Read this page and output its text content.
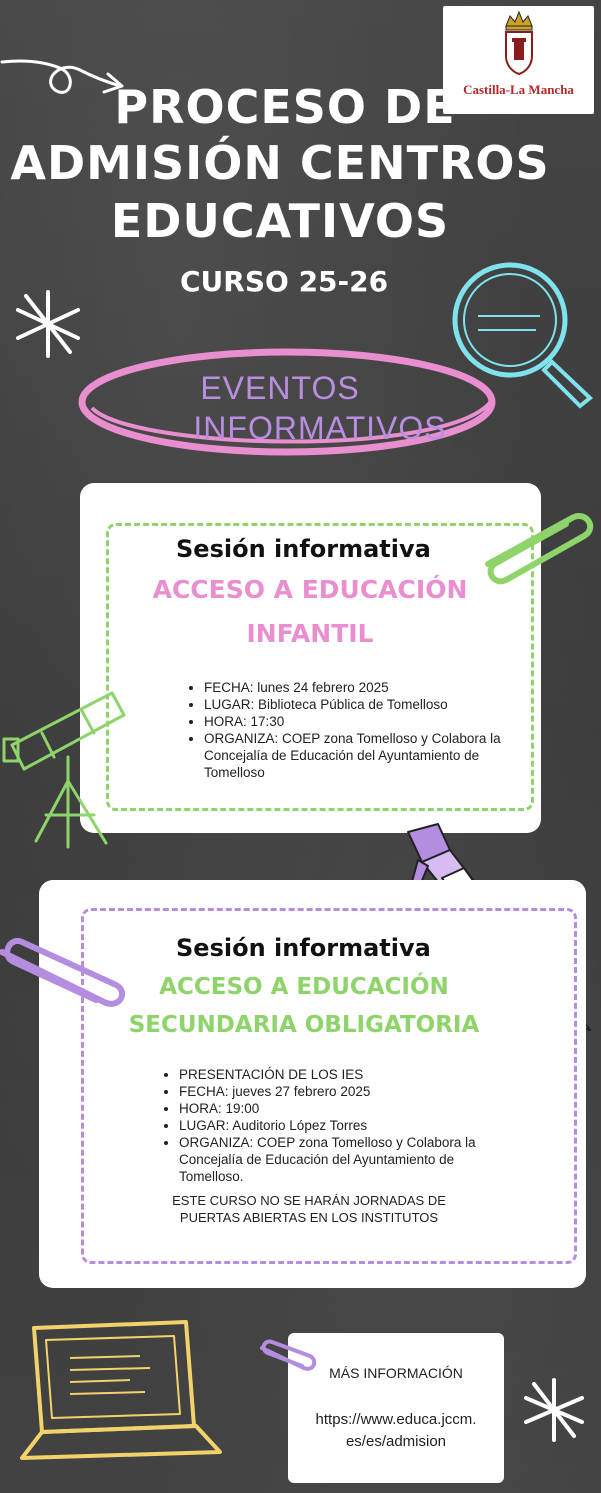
Castilla-La Mancha
PROCESO DE
ADMISIÓN CENTROS
EDUCATIVOS
CURSO 25-26
EVENTOS
INFORMATIVOS
Sesión informativa
ACCESO A EDUCACIÓN
INFANTIL
• FECHA: lunes 24 febrero 2025
• LUGAR: Biblioteca Pública de Tomelloso
• HORA: 17:30
• ORGANIZA: COEP zona Tomelloso y Colabora la Concejalía de Educación del Ayuntamiento de Tomelloso
Sesión informativa
ACCESO A EDUCACIÓN
SECUNDARIA OBLIGATORIA
• PRESENTACIÓN DE LOS IES
• FECHA: jueves 27 febrero 2025
• HORA: 19:00
• LUGAR: Auditorio López Torres
• ORGANIZA: COEP zona Tomelloso y Colabora la Concejalía de Educación del Ayuntamiento de Tomelloso.
ESTE CURSO NO SE HARÁN JORNADAS DE PUERTAS ABIERTAS EN LOS INSTITUTOS
MÁS INFORMACIÓN
https://www.educa.jccm.
es/es/admision
